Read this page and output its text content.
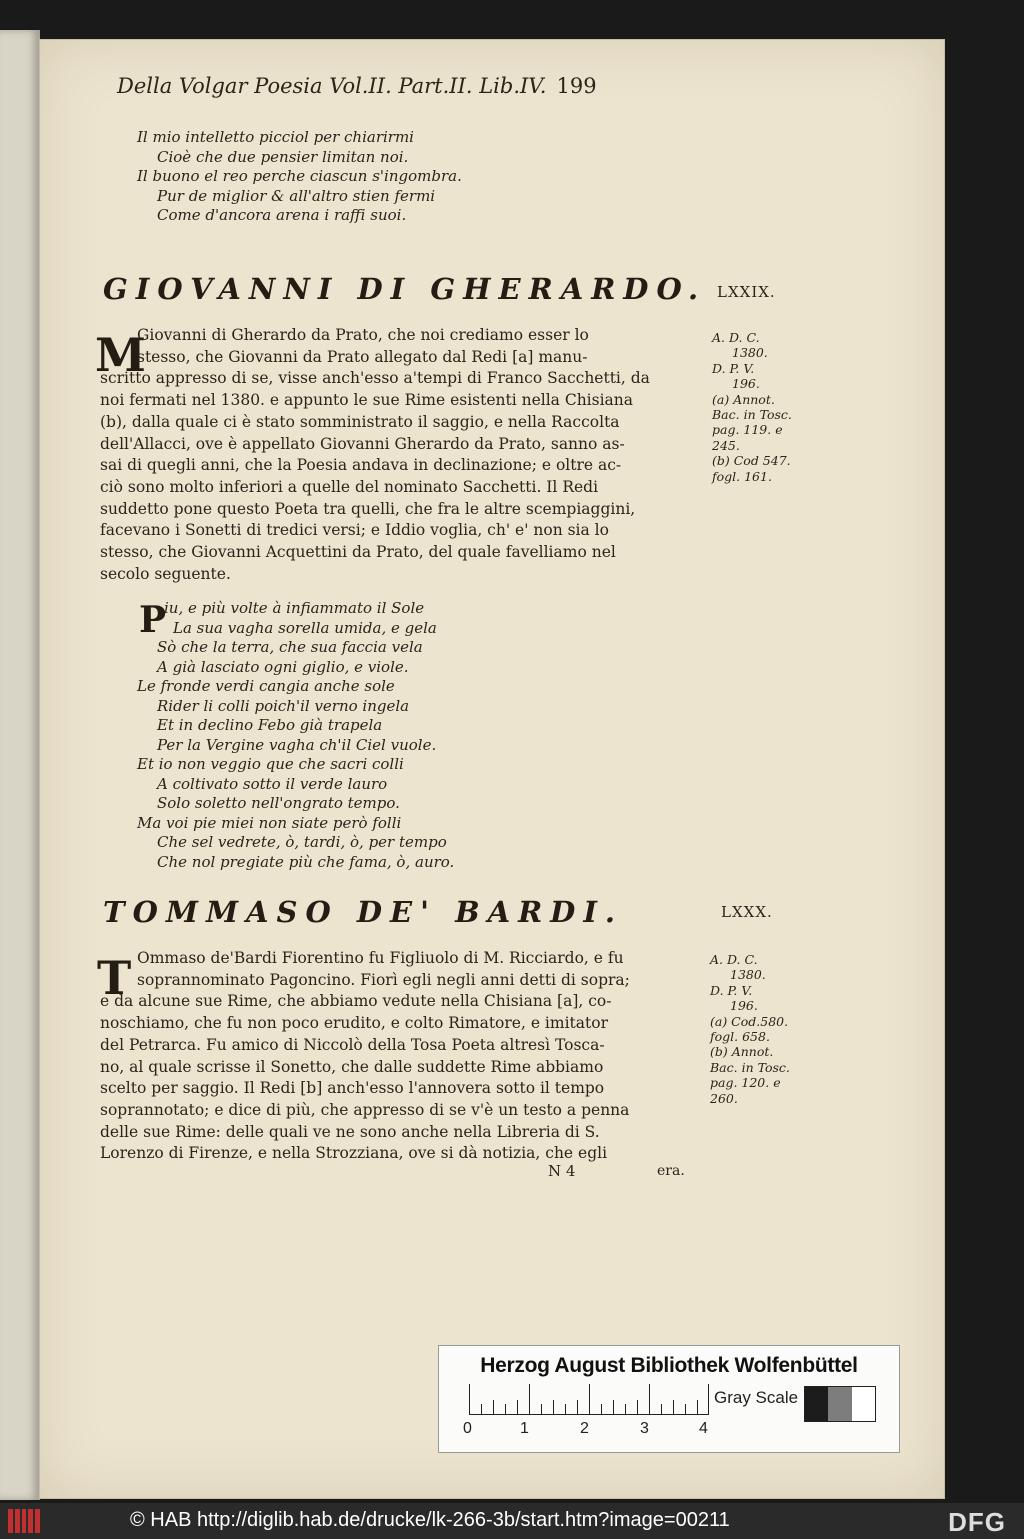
Della Volgar Poesia Vol.II. Part.II. Lib.IV. 199
Il mio intelletto picciol per chiarirmi
Cioè che due pensier limitan noi.
Il buono el reo perche ciascun s'ingombra.
Pur de miglior & all'altro stien fermi
Come d'ancora arena i raffi suoi.
GIOVANNI DI GHERARDO. LXXIX.
M
Giovanni di Gherardo da Prato, che noi crediamo esser lo
stesso, che Giovanni da Prato allegato dal Redi [a] manu-
scritto appresso di se, visse anch'esso a'tempi di Franco Sacchetti, da
noi fermati nel 1380. e appunto le sue Rime esistenti nella Chisiana
(b), dalla quale ci è stato somministrato il saggio, e nella Raccolta
dell'Allacci, ove è appellato Giovanni Gherardo da Prato, sanno as-
sai di quegli anni, che la Poesia andava in declinazione; e oltre ac-
ciò sono molto inferiori a quelle del nominato Sacchetti. Il Redi
suddetto pone questo Poeta tra quelli, che fra le altre scempiaggini,
facevano i Sonetti di tredici versi; e Iddio voglia, ch' e' non sia lo
stesso, che Giovanni Acquettini da Prato, del quale favelliamo nel
secolo seguente.
A. D. C.
1380.
D. P. V.
196.
(a) Annot.
Bac. in Tosc.
pag. 119. e
245.
(b) Cod 547.
fogl. 161.
P
iu, e più volte à infiammato il Sole
La sua vagha sorella umida, e gela
Sò che la terra, che sua faccia vela
A già lasciato ogni giglio, e viole.
Le fronde verdi cangia anche sole
Rider li colli poich'il verno ingela
Et in declino Febo già trapela
Per la Vergine vagha ch'il Ciel vuole.
Et io non veggio que che sacri colli
A coltivato sotto il verde lauro
Solo soletto nell'ongrato tempo.
Ma voi pie miei non siate però folli
Che sel vedrete, ò, tardi, ò, per tempo
Che nol pregiate più che fama, ò, auro.
TOMMASO DE' BARDI.	LXXX.
T Ommaso de'Bardi Fiorentino fu Figliuolo di M. Ricciardo, e fu
soprannominato Pagoncino. Fiorì egli negli anni detti di sopra;
e da alcune sue Rime, che abbiamo vedute nella Chisiana [a], co-
noschiamo, che fu non poco erudito, e colto Rimatore, e imitator
del Petrarca. Fu amico di Niccolò della Tosa Poeta altresì Tosca-
no, al quale scrisse il Sonetto, che dalle suddette Rime abbiamo
scelto per saggio. Il Redi [b] anch'esso l'annovera sotto il tempo
soprannotato; e dice di più, che appresso di se v'è un testo a penna
delle sue Rime: delle quali ve ne sono anche nella Libreria di S.
Lorenzo di Firenze, e nella Strozziana, ove si dà notizia, che egli
A. D. C.
1380.
D. P. V.
196.
(a) Cod.580.
fogl. 658.
(b) Annot.
Bac. in Tosc.
pag. 120. e
260.
N 4	era.
Herzog August Bibliothek Wolfenbüttel
0	1	2	3	4
Gray Scale
© HAB http://diglib.hab.de/drucke/lk-266-3b/start.htm?image=00211	DFG
